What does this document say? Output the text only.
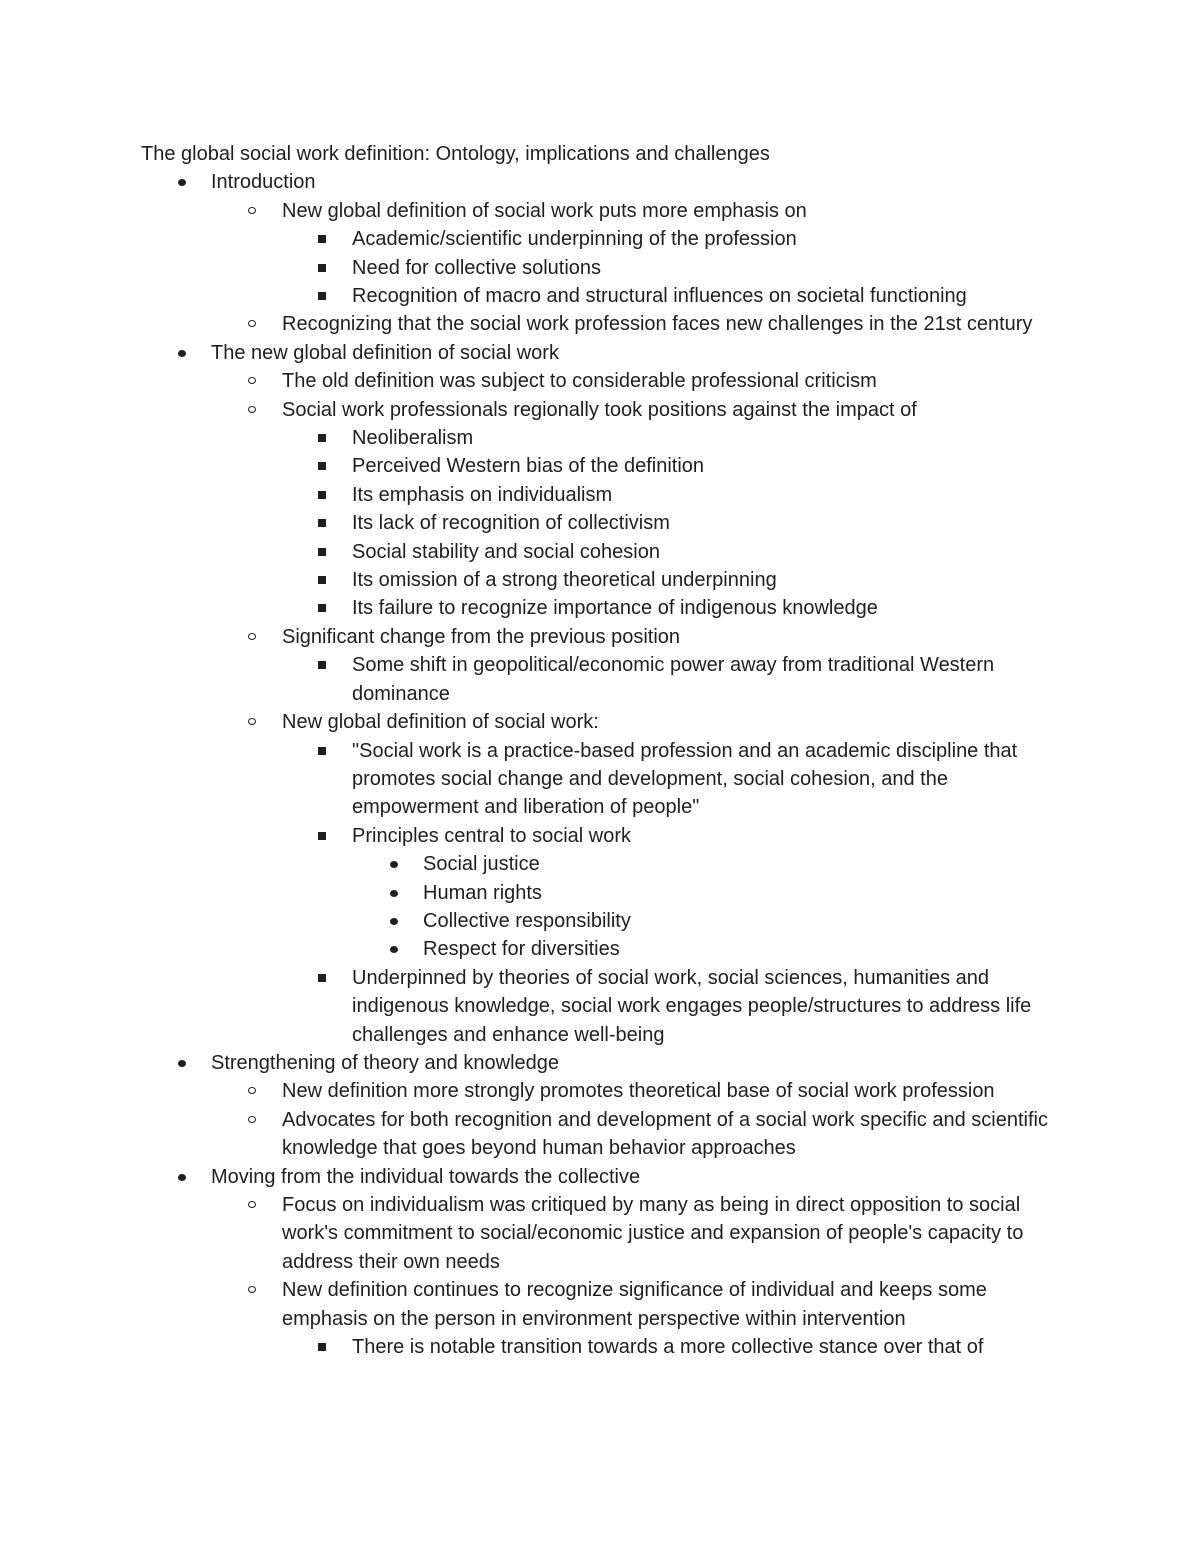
The global social work definition: Ontology, implications and challenges
Introduction
New global definition of social work puts more emphasis on
Academic/scientific underpinning of the profession
Need for collective solutions
Recognition of macro and structural influences on societal functioning
Recognizing that the social work profession faces new challenges in the 21st century
The new global definition of social work
The old definition was subject to considerable professional criticism
Social work professionals regionally took positions against the impact of
Neoliberalism
Perceived Western bias of the definition
Its emphasis on individualism
Its lack of recognition of collectivism
Social stability and social cohesion
Its omission of a strong theoretical underpinning
Its failure to recognize importance of indigenous knowledge
Significant change from the previous position
Some shift in geopolitical/economic power away from traditional Western dominance
New global definition of social work:
"Social work is a practice-based profession and an academic discipline that promotes social change and development, social cohesion, and the empowerment and liberation of people"
Principles central to social work
Social justice
Human rights
Collective responsibility
Respect for diversities
Underpinned by theories of social work, social sciences, humanities and indigenous knowledge, social work engages people/structures to address life challenges and enhance well-being
Strengthening of theory and knowledge
New definition more strongly promotes theoretical base of social work profession
Advocates for both recognition and development of a social work specific and scientific knowledge that goes beyond human behavior approaches
Moving from the individual towards the collective
Focus on individualism was critiqued by many as being in direct opposition to social work's commitment to social/economic justice and expansion of people's capacity to address their own needs
New definition continues to recognize significance of individual and keeps some emphasis on the person in environment perspective within intervention
There is notable transition towards a more collective stance over that of
